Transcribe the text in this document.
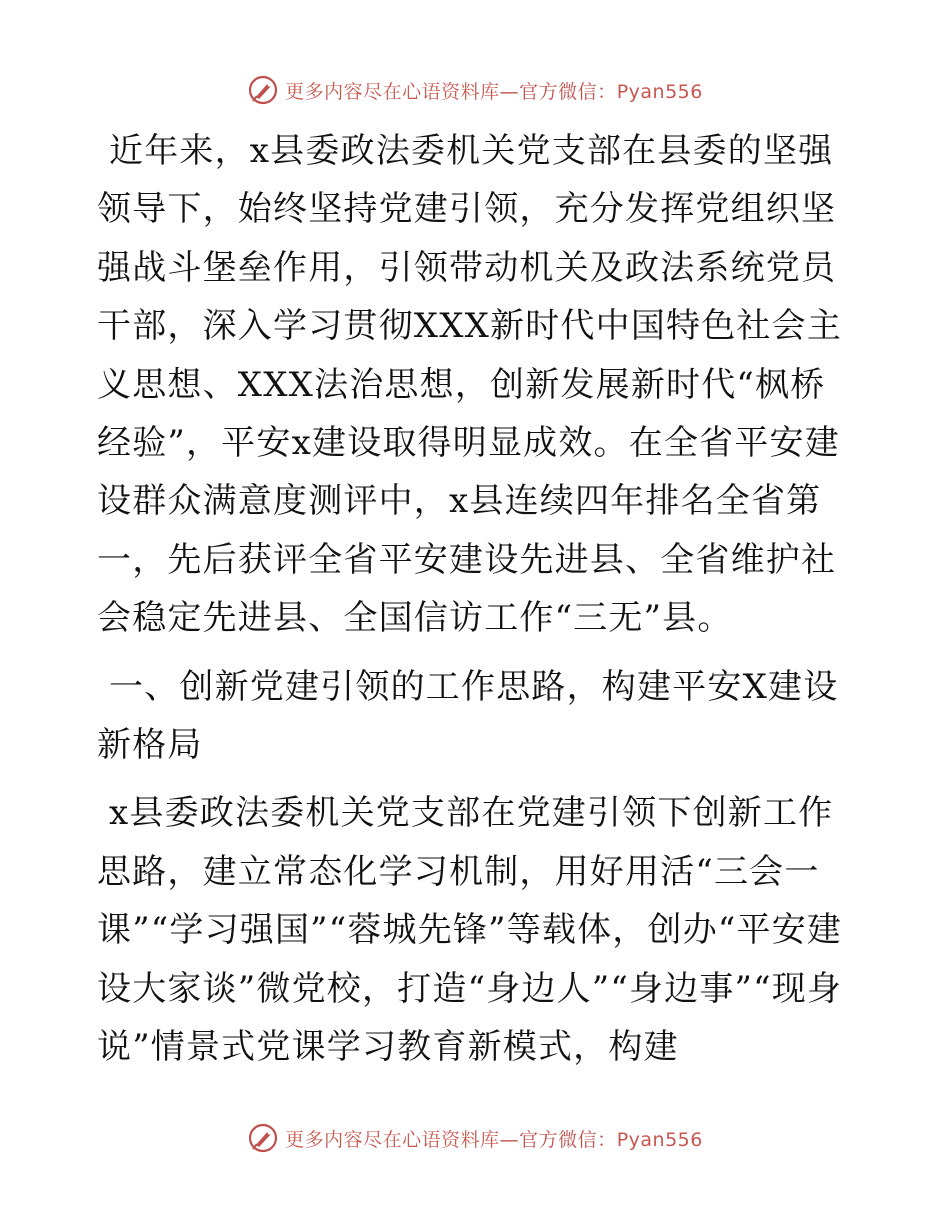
更多内容尽在心语资料库—官方微信：Pyan556

近年来，x县委政法委机关党支部在县委的坚强领导下，始终坚持党建引领，充分发挥党组织坚强战斗堡垒作用，引领带动机关及政法系统党员干部，深入学习贯彻XXX新时代中国特色社会主义思想、XXX法治思想，创新发展新时代“枫桥经验”，平安x建设取得明显成效。在全省平安建设群众满意度测评中，x县连续四年排名全省第一，先后获评全省平安建设先进县、全省维护社会稳定先进县、全国信访工作“三无”县。

一、创新党建引领的工作思路，构建平安X建设新格局

x县委政法委机关党支部在党建引领下创新工作思路，建立常态化学习机制，用好用活“三会一课”“学习强国”“蓉城先锋”等载体，创办“平安建设大家谈”微党校，打造“身边人”“身边事”“现身说”情景式党课学习教育新模式，构建

更多内容尽在心语资料库—官方微信：Pyan556
